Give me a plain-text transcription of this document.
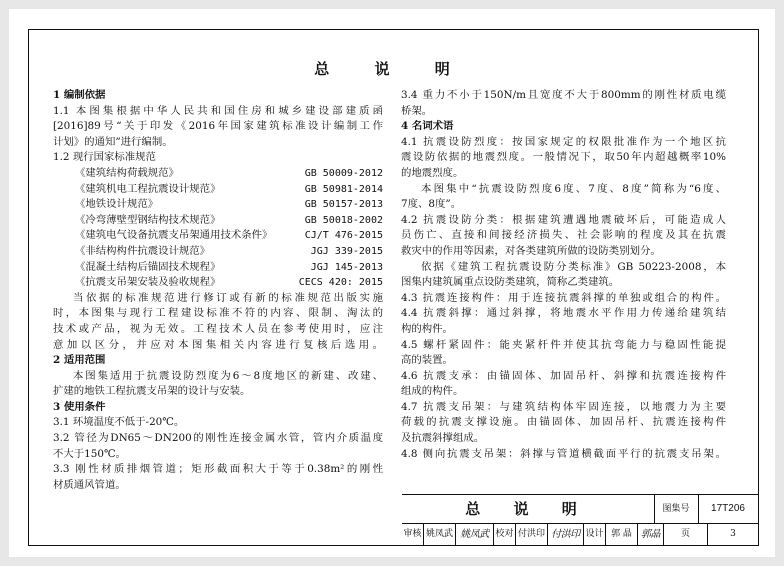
总 说 明
1 编制依据
1.1 本图集根据中华人民共和国住房和城乡建设部建质函
[2016]89号“关于印发《2016年国家建筑标准设计编制工作
计划》的通知”进行编制。
1.2 现行国家标准规范
《建筑结构荷载规范》	GB 50009-2012
《建筑机电工程抗震设计规范》	GB 50981-2014
《地铁设计规范》	GB 50157-2013
《冷弯薄壁型钢结构技术规范》	GB 50018-2002
《建筑电气设备抗震支吊架通用技术条件》	CJ/T 476-2015
《非结构构件抗震设计规范》	JGJ 339-2015
《混凝土结构后锚固技术规程》	JGJ 145-2013
《抗震支吊架安装及验收规程》	CECS 420: 2015
当依据的标准规范进行修订或有新的标准规范出版实施
时，本图集与现行工程建设标准不符的内容、限制、淘汰的
技术或产品，视为无效。工程技术人员在参考使用时，应注
意加以区分，并应对本图集相关内容进行复核后选用。
2 适用范围
本图集适用于抗震设防烈度为6～8度地区的新建、改建、
扩建的地铁工程抗震支吊架的设计与安装。
3 使用条件
3.1 环境温度不低于-20℃。
3.2 管径为DN65～DN200的刚性连接金属水管，管内介质温度
不大于150℃。
3.3 刚性材质排烟管道；矩形截面积大于等于0.38m²的刚性
材质通风管道。
3.4 重力不小于150N/m且宽度不大于800mm的刚性材质电缆
桥架。
4 名词术语
4.1 抗震设防烈度：按国家规定的权限批准作为一个地区抗
震设防依据的地震烈度。一般情况下，取50年内超越概率10%
的地震烈度。
本图集中“抗震设防烈度6度、7度、8度”简称为“6度、
7度、8度”。
4.2 抗震设防分类：根据建筑遭遇地震破坏后，可能造成人
员伤亡、直接和间接经济损失、社会影响的程度及其在抗震
救灾中的作用等因素，对各类建筑所做的设防类别划分。
依据《建筑工程抗震设防分类标准》GB 50223-2008，本
图集内建筑属重点设防类建筑，简称乙类建筑。
4.3 抗震连接构件：用于连接抗震斜撑的单独或组合的构件。
4.4 抗震斜撑：通过斜撑，将地震水平作用力传递给建筑结
构的构件。
4.5 螺杆紧固件：能夹紧杆件并使其抗弯能力与稳固性能提
高的装置。
4.6 抗震支承：由锚固体、加固吊杆、斜撑和抗震连接构件
组成的构件。
4.7 抗震支吊架：与建筑结构体牢固连接，以地震力为主要
荷载的抗震支撑设施。由锚固体、加固吊杆、抗震连接构件
及抗震斜撑组成。
4.8 侧向抗震支吊架：斜撑与管道横截面平行的抗震支吊架。
总 说 明	图集号	17T206
审核 姚凤武 姚凤武 校对 付洪印 付洪印 设计 郭 晶 郭晶	页	3
